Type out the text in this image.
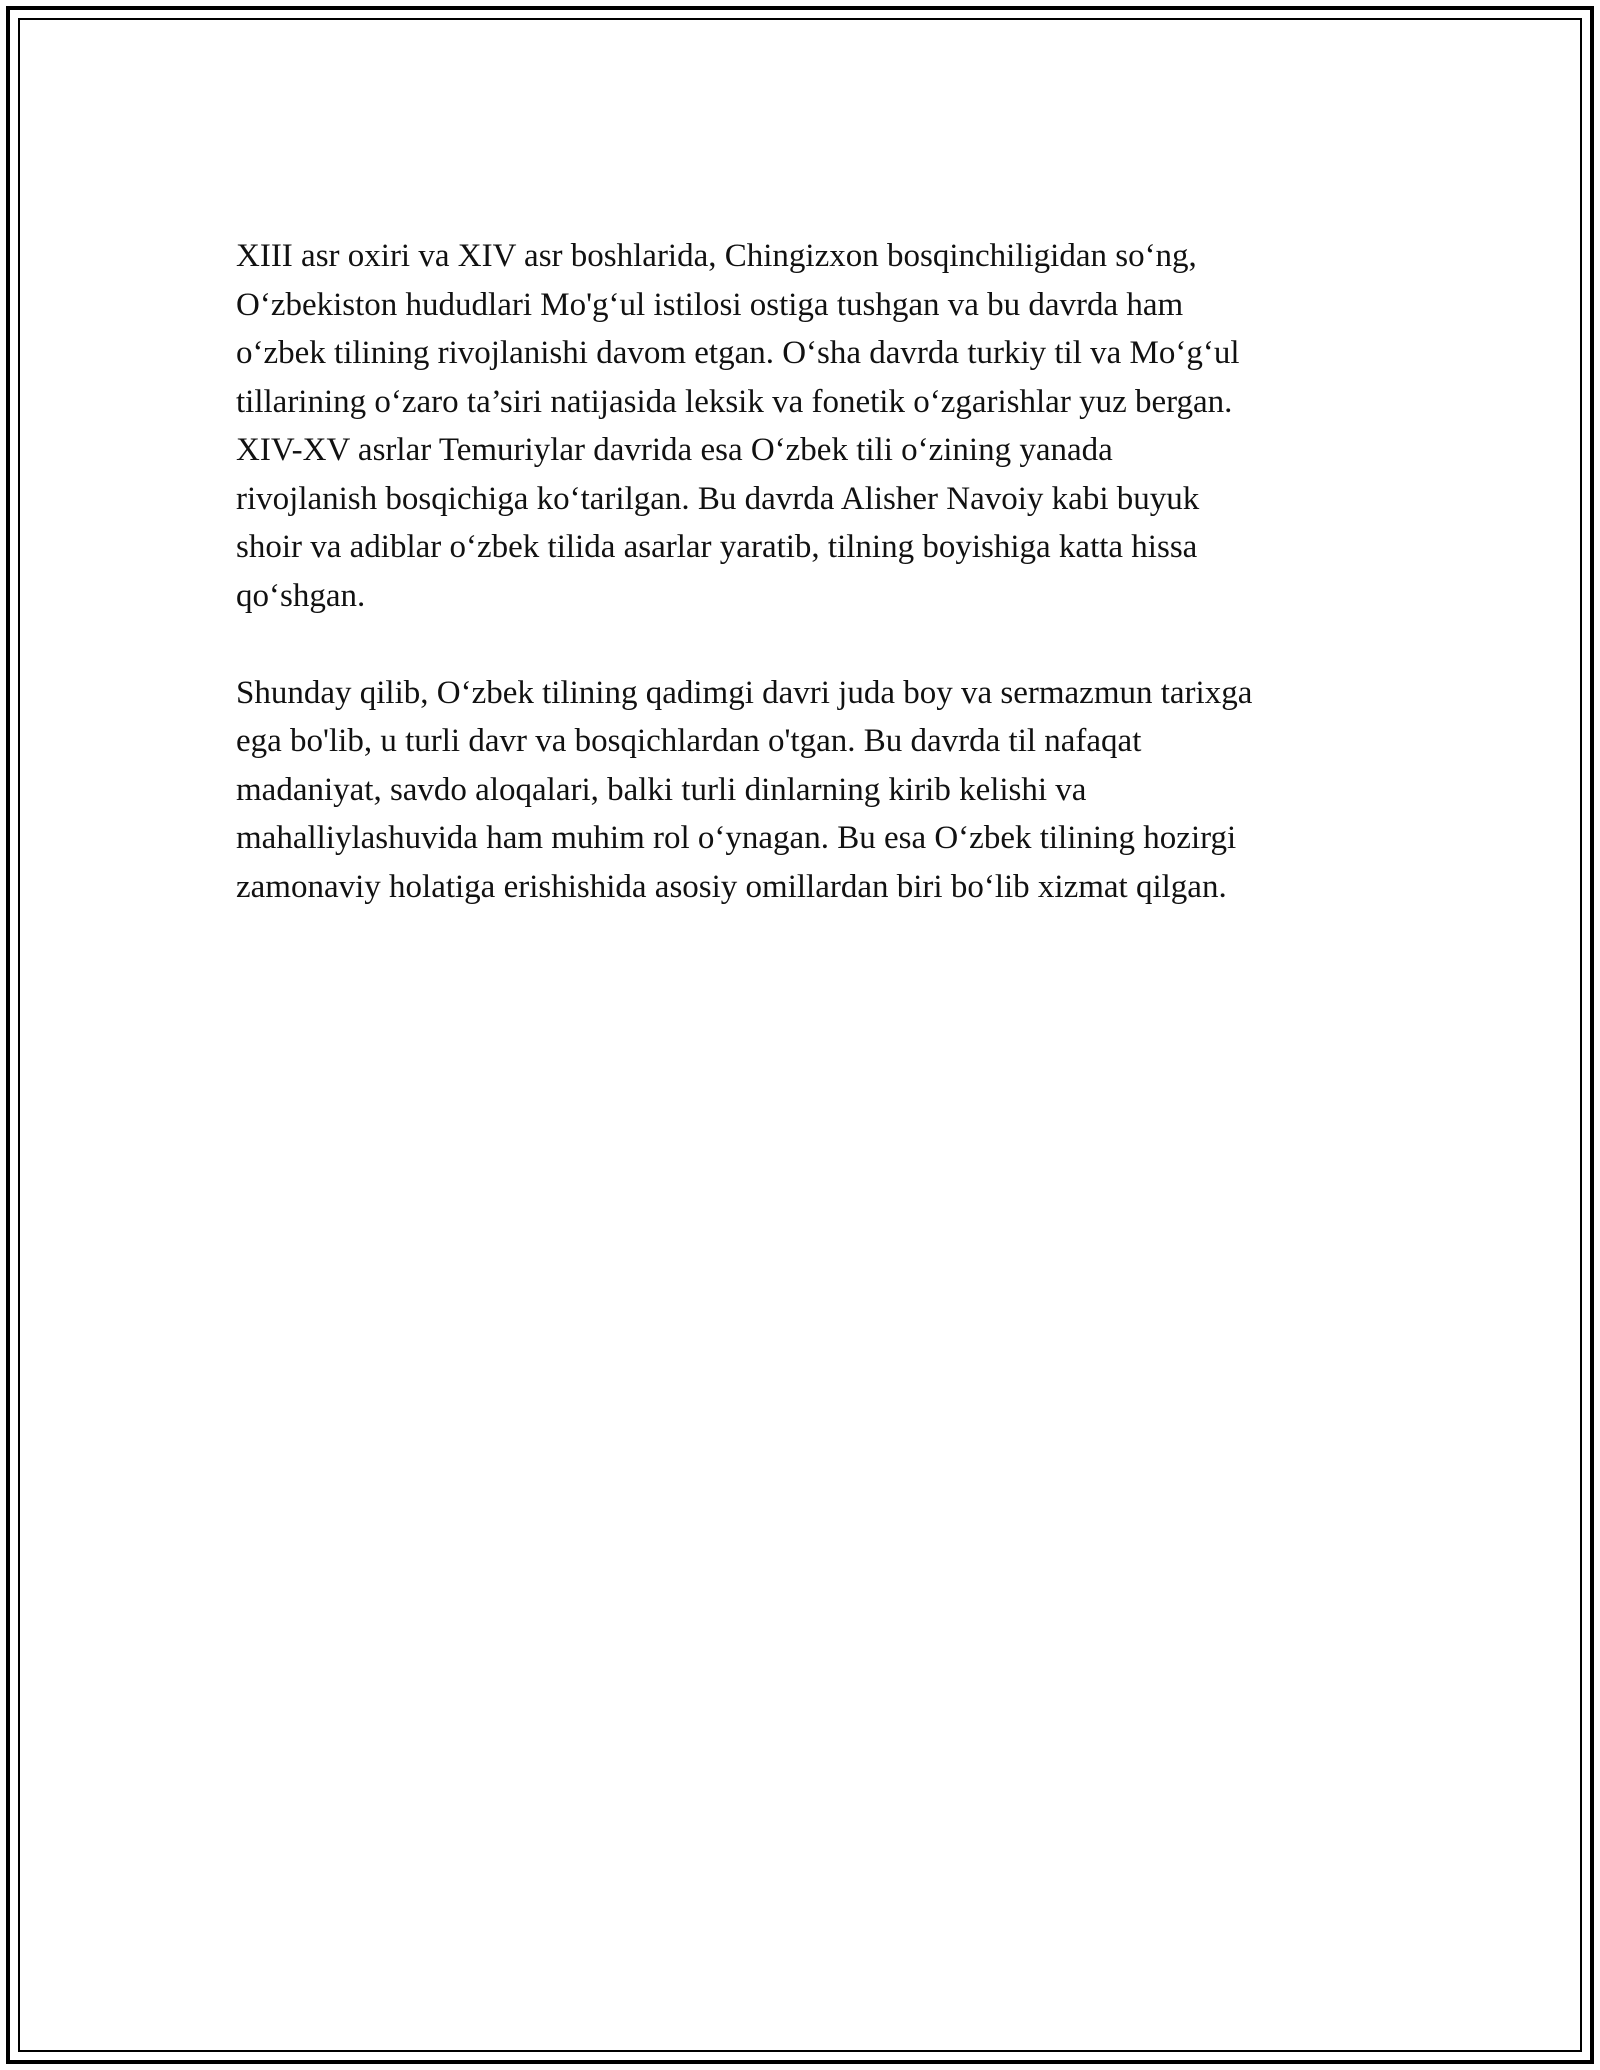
XIII asr oxiri va XIV asr boshlarida, Chingizxon bosqinchiligidan so‘ng,
O‘zbekiston hududlari Mo'g‘ul istilosi ostiga tushgan va bu davrda ham
o‘zbek tilining rivojlanishi davom etgan. O‘sha davrda turkiy til va Mo‘g‘ul
tillarining o‘zaro ta’siri natijasida leksik va fonetik o‘zgarishlar yuz bergan.
XIV-XV asrlar Temuriylar davrida esa O‘zbek tili o‘zining yanada
rivojlanish bosqichiga ko‘tarilgan. Bu davrda Alisher Navoiy kabi buyuk
shoir va adiblar o‘zbek tilida asarlar yaratib, tilning boyishiga katta hissa
qo‘shgan.

Shunday qilib, O‘zbek tilining qadimgi davri juda boy va sermazmun tarixga
ega bo'lib, u turli davr va bosqichlardan o'tgan. Bu davrda til nafaqat
madaniyat, savdo aloqalari, balki turli dinlarning kirib kelishi va
mahalliylashuvida ham muhim rol o‘ynagan. Bu esa O‘zbek tilining hozirgi
zamonaviy holatiga erishishida asosiy omillardan biri bo‘lib xizmat qilgan.
